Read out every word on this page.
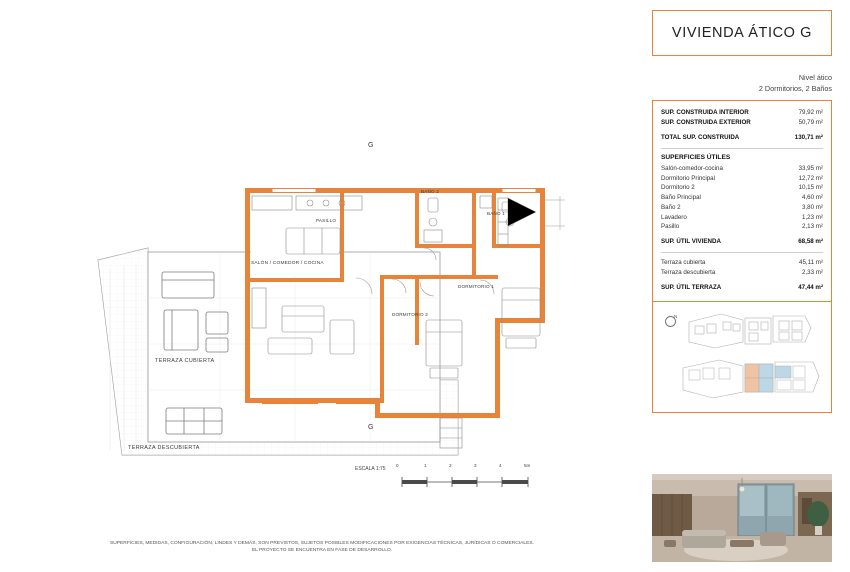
G
G
TERRAZA CUBIERTA
TERRAZA DESCUBIERTA
SALÓN / COMEDOR / COCINA
PASILLO
BAÑO 2
BAÑO 1
DORMITORIO 2
DORMITORIO 1
ESCALA 1:75
0	1	2	3	4	5m
SUPERFICIES, MEDIDAS, CONFIGURACIÓN, LINDES Y DEMÁS, SON PREVISTOS, SUJETOS POSIBLES MODIFICACIONES POR EXIGENCIAS TÉCNICAS, JURÍDICAS O COMERCIALES.
EL PROYECTO SE ENCUENTRA EN FASE DE DESARROLLO.
VIVIENDA ÁTICO G
Nivel ático
2 Dormitorios, 2 Baños
SUP. CONSTRUIDA INTERIOR	79,92 m²
SUP. CONSTRUIDA EXTERIOR	50,79 m²
TOTAL SUP. CONSTRUIDA	130,71 m²
SUPERFICIES ÚTILES
Salón-comedor-cocina	33,95 m²
Dormitorio Principal	12,72 m²
Dormitorio 2	10,15 m²
Baño Principal	4,60 m²
Baño 2	3,80 m²
Lavadero	1,23 m²
Pasillo	2,13 m²
SUP. ÚTIL VIVIENDA	68,58 m²
Terraza cubierta	45,11 m²
Terraza descubierta	2,33 m²
SUP. ÚTIL TERRAZA	47,44 m²
N
